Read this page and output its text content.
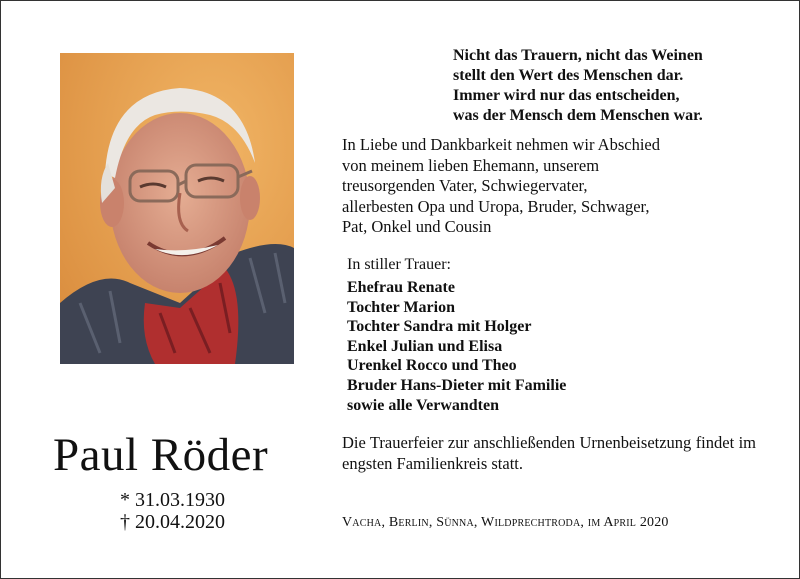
Paul Röder
* 31.03.1930
† 20.04.2020
Nicht das Trauern, nicht das Weinen
stellt den Wert des Menschen dar.
Immer wird nur das entscheiden,
was der Mensch dem Menschen war.
In Liebe und Dankbarkeit nehmen wir Abschied
von meinem lieben Ehemann, unserem
treusorgenden Vater, Schwiegervater,
allerbesten Opa und Uropa, Bruder, Schwager,
Pat, Onkel und Cousin
In stiller Trauer:
Ehefrau Renate
Tochter Marion
Tochter Sandra mit Holger
Enkel Julian und Elisa
Urenkel Rocco und Theo
Bruder Hans-Dieter mit Familie
sowie alle Verwandten
Die Trauerfeier zur anschließenden Urnenbeisetzung findet im engsten Familienkreis statt.
Vacha, Berlin, Sünna, Wildprechtroda, im April 2020
